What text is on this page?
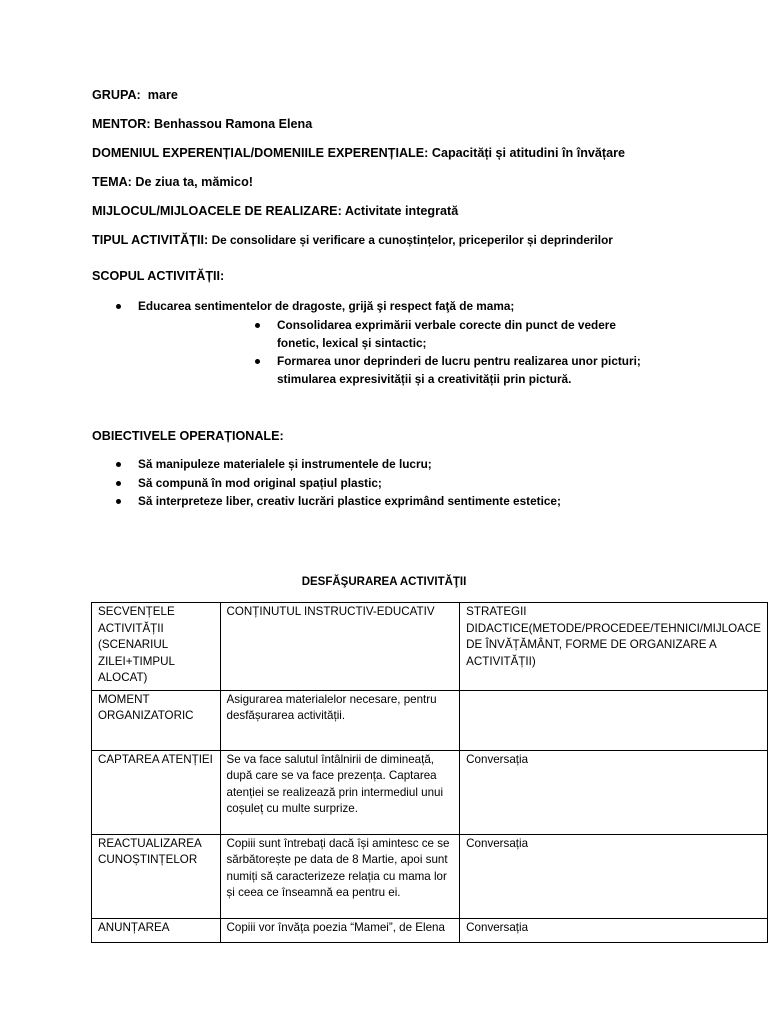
GRUPA: mare
MENTOR: Benhassou Ramona Elena
DOMENIUL EXPERENȚIAL/DOMENIILE EXPERENȚIALE: Capacități și atitudini în învățare
TEMA: De ziua ta, mămico!
MIJLOCUL/MIJLOACELE DE REALIZARE: Activitate integrată
TIPUL ACTIVITĂȚII: De consolidare și verificare a cunoștințelor, priceperilor și deprinderilor
SCOPUL ACTIVITĂȚII:
Educarea sentimentelor de dragoste, grijă şi respect faţă de mama;
Consolidarea exprimării verbale corecte din punct de vedere fonetic, lexical și sintactic;
Formarea unor deprinderi de lucru pentru realizarea unor picturi; stimularea expresivității și a creativității prin pictură.
OBIECTIVELE OPERAȚIONALE:
Să manipuleze materialele și instrumentele de lucru;
Să compună în mod original spațiul plastic;
Să interpreteze liber, creativ lucrări plastice exprimând sentimente estetice;
DESFĂŞURAREA ACTIVITĂŢII
SECVENȚELE ACTIVITĂȚII (SCENARIUL ZILEI+TIMPUL ALOCAT)	CONȚINUTUL INSTRUCTIV-EDUCATIV	STRATEGII DIDACTICE(METODE/PROCEDEE/TEHNICI/MIJLOACE DE ÎNVĂȚĂMÂNT, FORME DE ORGANIZARE A ACTIVITĂȚII)
MOMENT ORGANIZATORIC	Asigurarea materialelor necesare, pentru desfășurarea activității.	
CAPTAREA ATENȚIEI	Se va face salutul întâlnirii de dimineață, după care se va face prezența. Captarea atenției se realizează prin intermediul unui coșuleț cu multe surprize.	Conversația
REACTUALIZAREA CUNOȘTINȚELOR	Copiii sunt întrebați dacă își amintesc ce se sărbătorește pe data de 8 Martie, apoi sunt numiți să caracterizeze relația cu mama lor și ceea ce înseamnă ea pentru ei.	Conversația
ANUNȚAREA	Copiii vor învăța poezia “Mamei”, de Elena	Conversația
